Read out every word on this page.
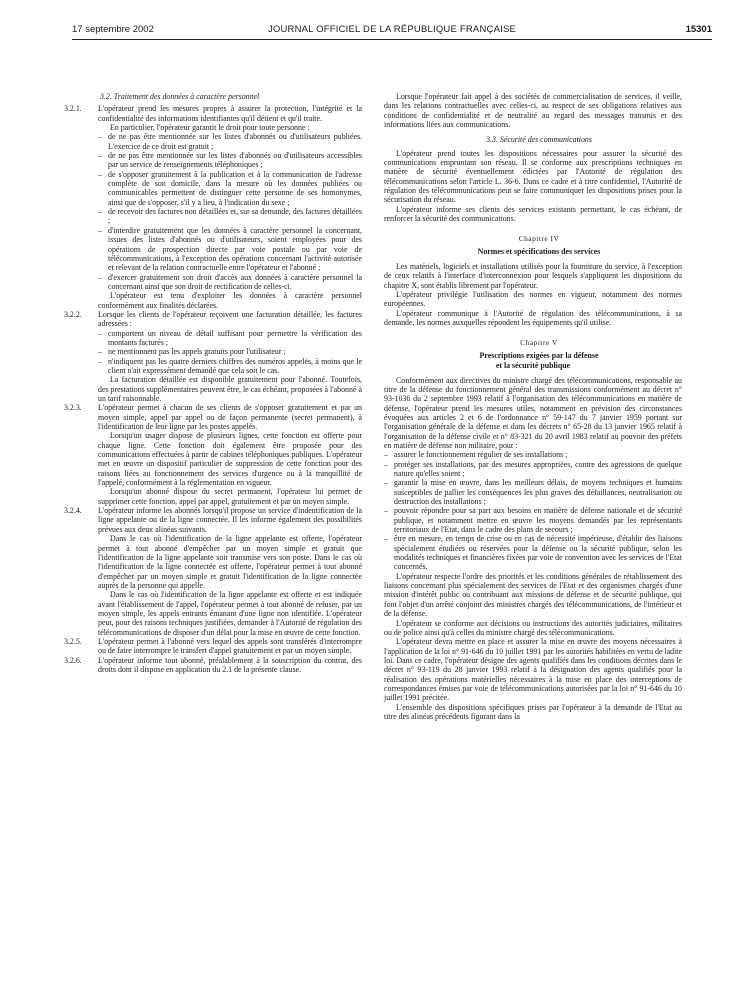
17 septembre 2002	JOURNAL OFFICIEL DE LA RÉPUBLIQUE FRANÇAISE	15301

3.2. Traitement des données à caractère personnel

3.2.1.	L'opérateur prend les mesures propres à assurer la protection, l'intégrité et la confidentialité des informations identifiantes qu'il détient et qu'il traite.

En particulier, l'opérateur garantit le droit pour toute personne :

– de ne pas être mentionnée sur les listes d'abonnés ou d'utilisateurs publiées. L'exercice de ce droit est gratuit ;
– de ne pas être mentionnée sur les listes d'abonnés ou d'utilisateurs accessibles par un service de renseignements téléphoniques ;
– de s'opposer gratuitement à la publication et à la communication de l'adresse complète de son domicile, dans la mesure où les données publiées ou communicables permettent de distinguer cette personne de ses homonymes, ainsi que de s'opposer, s'il y a lieu, à l'indication du sexe ;
– de recevoir des factures non détaillées et, sur sa demande, des factures détaillées ;
– d'interdire gratuitement que les données à caractère personnel la concernant, issues des listes d'abonnés ou d'utilisateurs, soient employées pour des opérations de prospection directe par voie postale ou par voie de télécommunications, à l'exception des opérations concernant l'activité autorisée et relevant de la relation contractuelle entre l'opérateur et l'abonné ;
– d'exercer gratuitement son droit d'accès aux données à caractère personnel la concernant ainsi que son droit de rectification de celles-ci.

L'opérateur est tenu d'exploiter les données à caractère personnel conformément aux finalités déclarées.

3.2.2.	Lorsque les clients de l'opérateur reçoivent une facturation détaillée, les factures adressées :
– comportent un niveau de détail suffisant pour permettre la vérification des montants facturés ;
– ne mentionnent pas les appels gratuits pour l'utilisateur ;
– n'indiquent pas les quatre derniers chiffres des numéros appelés, à moins que le client n'ait expressément demandé que cela soit le cas.

La facturation détaillée est disponible gratuitement pour l'abonné. Toutefois, des prestations supplémentaires peuvent être, le cas échéant, proposées à l'abonné à un tarif raisonnable.

3.2.3.	L'opérateur permet à chacun de ses clients de s'opposer gratuitement et par un moyen simple, appel par appel ou de façon permanente (secret permanent), à l'identification de leur ligne par les postes appelés.

Lorsqu'un usager dispose de plusieurs lignes, cette fonction est offerte pour chaque ligne. Cette fonction doit également être proposée pour des communications effectuées à partir de cabines téléphoniques publiques. L'opérateur met en œuvre un dispositif particulier de suppression de cette fonction pour des raisons liées au fonctionnement des services d'urgence ou à la tranquillité de l'appelé, conformément à la réglementation en vigueur.

Lorsqu'un abonné dispose du secret permanent, l'opérateur lui permet de supprimer cette fonction, appel par appel, gratuitement et par un moyen simple.

3.2.4.	L'opérateur informe les abonnés lorsqu'il propose un service d'indentification de la ligne appelante ou de la ligne connectée. Il les informe également des possibilités prévues aux deux alinéas suivants.

Dans le cas où l'identification de la ligne appelante est offerte, l'opérateur permet à tout abonné d'empêcher par un moyen simple et gratuit que l'identification de la ligne appelante soit transmise vers son poste. Dans le cas où l'identification de la ligne connectée est offerte, l'opérateur permet à tout abonné d'empêcher par un moyen simple et gratuit l'identification de la ligne connectée auprès de la personne qui appelle.

Dans le cas où l'identification de la ligne appelante est offerte et est indiquée avant l'établissement de l'appel, l'opérateur permet à tout abonné de refuser, par un moyen simple, les appels entrants émanant d'une ligne non identifiée. L'opérateur peut, pour des raisons techniques justifiées, demander à l'Autorité de régulation des télécommunications de disposer d'un délai pour la mise en œuvre de cette fonction.

3.2.5.	L'opérateur permet à l'abonné vers lequel des appels sont transférés d'interrompre ou de faire interrompre le transfert d'appel gratuitement et par un moyen simple.
3.2.6.	L'opérateur informe tout abonné, préalablement à la souscription du contrat, des droits dont il dispose en application du 2.1 de la présente clause.

Lorsque l'opérateur fait appel à des sociétés de commercialisation de services, il veille, dans les relations contractuelles avec celles-ci, au respect de ses obligations relatives aux conditions de confidentialité et de neutralité au regard des messages transmis et des informations liées aux communications.

3.3. Sécurité des communications

L'opérateur prend toutes les dispositions nécessaires pour assurer la sécurité des communications empruntant son réseau. Il se conforme aux prescriptions techniques en matière de sécurité éventuellement édictées par l'Autorité de régulation des télécommunications selon l'article L. 36-6. Dans ce cadre et à titre confidentiel, l'Autorité de régulation des télécommunications peut se faire communiquer les dispositions prises pour la sécurisation du réseau.

L'opérateur informe ses clients des services existants permettant, le cas échéant, de renforcer la sécurité des communications.

Chapitre IV

Normes et spécifications des services

Les matériels, logiciels et installations utilisés pour la fourniture du service, à l'exception de ceux relatifs à l'interface d'interconnexion pour lesquels s'appliquent les dispositions du chapitre X, sont établis librement par l'opérateur.

L'opérateur privilégie l'utilisation des normes en vigueur, notamment des normes européennes.

L'opérateur communique à l'Autorité de régulation des télécommunications, à sa demande, les normes auxquelles répondent les équipements qu'il utilise.

Chapitre V

Prescriptions exigées par la défense
et la sécurité publique

Conformément aux directives du ministre chargé des télécommunications, responsable au titre de la défense du fonctionnement général des transmissions conformément au décret n° 93-1036 du 2 septembre 1993 relatif à l'organisation des télécommunications en matière de défense, l'opérateur prend les mesures utiles, notamment en prévision des circonstances évoquées aux articles 2 et 6 de l'ordonnance n° 59-147 du 7 janvier 1959 portant sur l'organisation générale de la défense et dans les décrets n° 65-28 du 13 janvier 1965 relatif à l'organisation de la défense civile et n° 83-321 du 20 avril 1983 relatif au pouvoir des préfets en matière de défense non militaire, pour :

– assurer le fonctionnement régulier de ses installations ;
– protéger ses installations, par des mesures appropriées, contre des agressions de quelque nature qu'elles soient ;
– garantir la mise en œuvre, dans les meilleurs délais, de moyens techniques et humains susceptibles de pallier les conséquences les plus graves des défaillances, neutralisation ou destruction des installations ;
– pouvoir répondre pour sa part aux besoins en matière de défense nationale et de sécurité publique, et notamment mettre en œuvre les moyens demandés par les représentants territoriaux de l'Etat, dans le cadre des plans de secours ;
– être en mesure, en temps de crise ou en cas de nécessité impérieuse, d'établir des liaisons spécialement étudiées ou réservées pour la défense ou la sécurité publique, selon les modalités techniques et financières fixées par voie de convention avec les services de l'Etat concernés.

L'opérateur respecte l'ordre des priorités et les conditions générales de rétablissement des liaisons concernant plus spécialement des services de l'Etat et des organismes chargés d'une mission d'intérêt public ou contribuant aux missions de défense et de sécurité publique, qui font l'objet d'un arrêté conjoint des ministres chargés des télécommunications, de l'intérieur et de la défense.

L'opérateur se conforme aux décisions ou instructions des autorités judiciaires, militaires ou de police ainsi qu'à celles du ministre chargé des télécommunications.

L'opérateur devra mettre en place et assurer la mise en œuvre des moyens nécessaires à l'application de la loi n° 91-646 du 10 juillet 1991 par les autorités habilitées en vertu de ladite loi. Dans ce cadre, l'opérateur désigne des agents qualifiés dans les conditions décrites dans le décret n° 93-119 du 28 janvier 1993 relatif à la désignation des agents qualifiés pour la réalisation des opérations matérielles nécessaires à la mise en place des interceptions de correspondances émises par voie de télécommunications autorisées par la loi n° 91-646 du 10 juillet 1991 précitée.

L'ensemble des dispositions spécifiques prises par l'opérateur à la demande de l'Etat au titre des alinéas précédents figurant dans la
